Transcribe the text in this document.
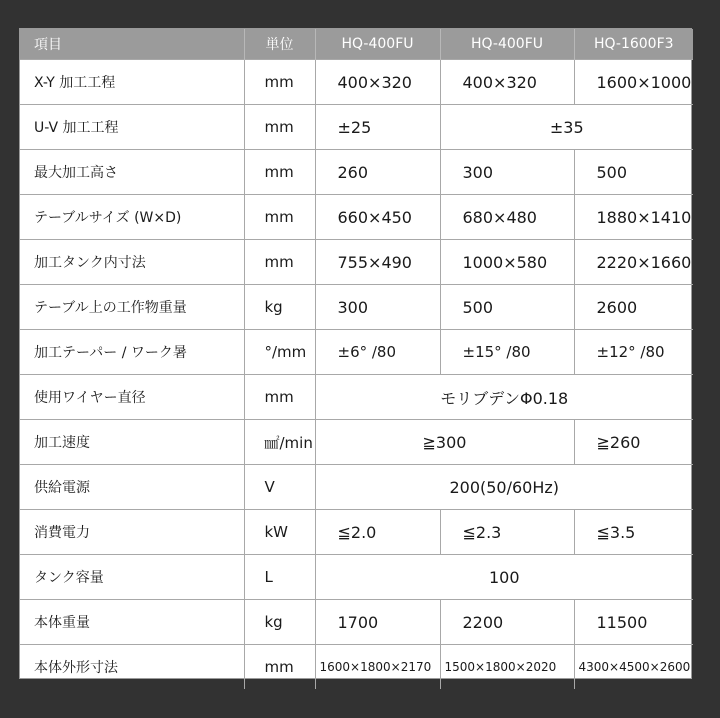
項目	単位	HQ-400FU	HQ-400FU	HQ-1600F3
X-Y 加工工程	mm	400×320	400×320	1600×1000
U-V 加工工程	mm	±25	±35	
最大加工高さ	mm	260	300	500
テーブルサイズ (W×D)	mm	660×450	680×480	1880×1410
加工タンク内寸法	mm	755×490	1000×580	2220×1660
テーブル上の工作物重量	kg	300	500	2600
加工テーパー / ワーク暑	°/mm	±6° /80	±15° /80	±12° /80
使用ワイヤー直径	mm	モリブデンΦ0.18		
加工速度	㎟/min	≧300		≧260
供給電源	V	200(50/60Hz)		
消費電力	kW	≦2.0	≦2.3	≦3.5
タンク容量	L	100		
本体重量	kg	1700	2200	11500
本体外形寸法	mm	1600×1800×2170	1500×1800×2020	4300×4500×2600
